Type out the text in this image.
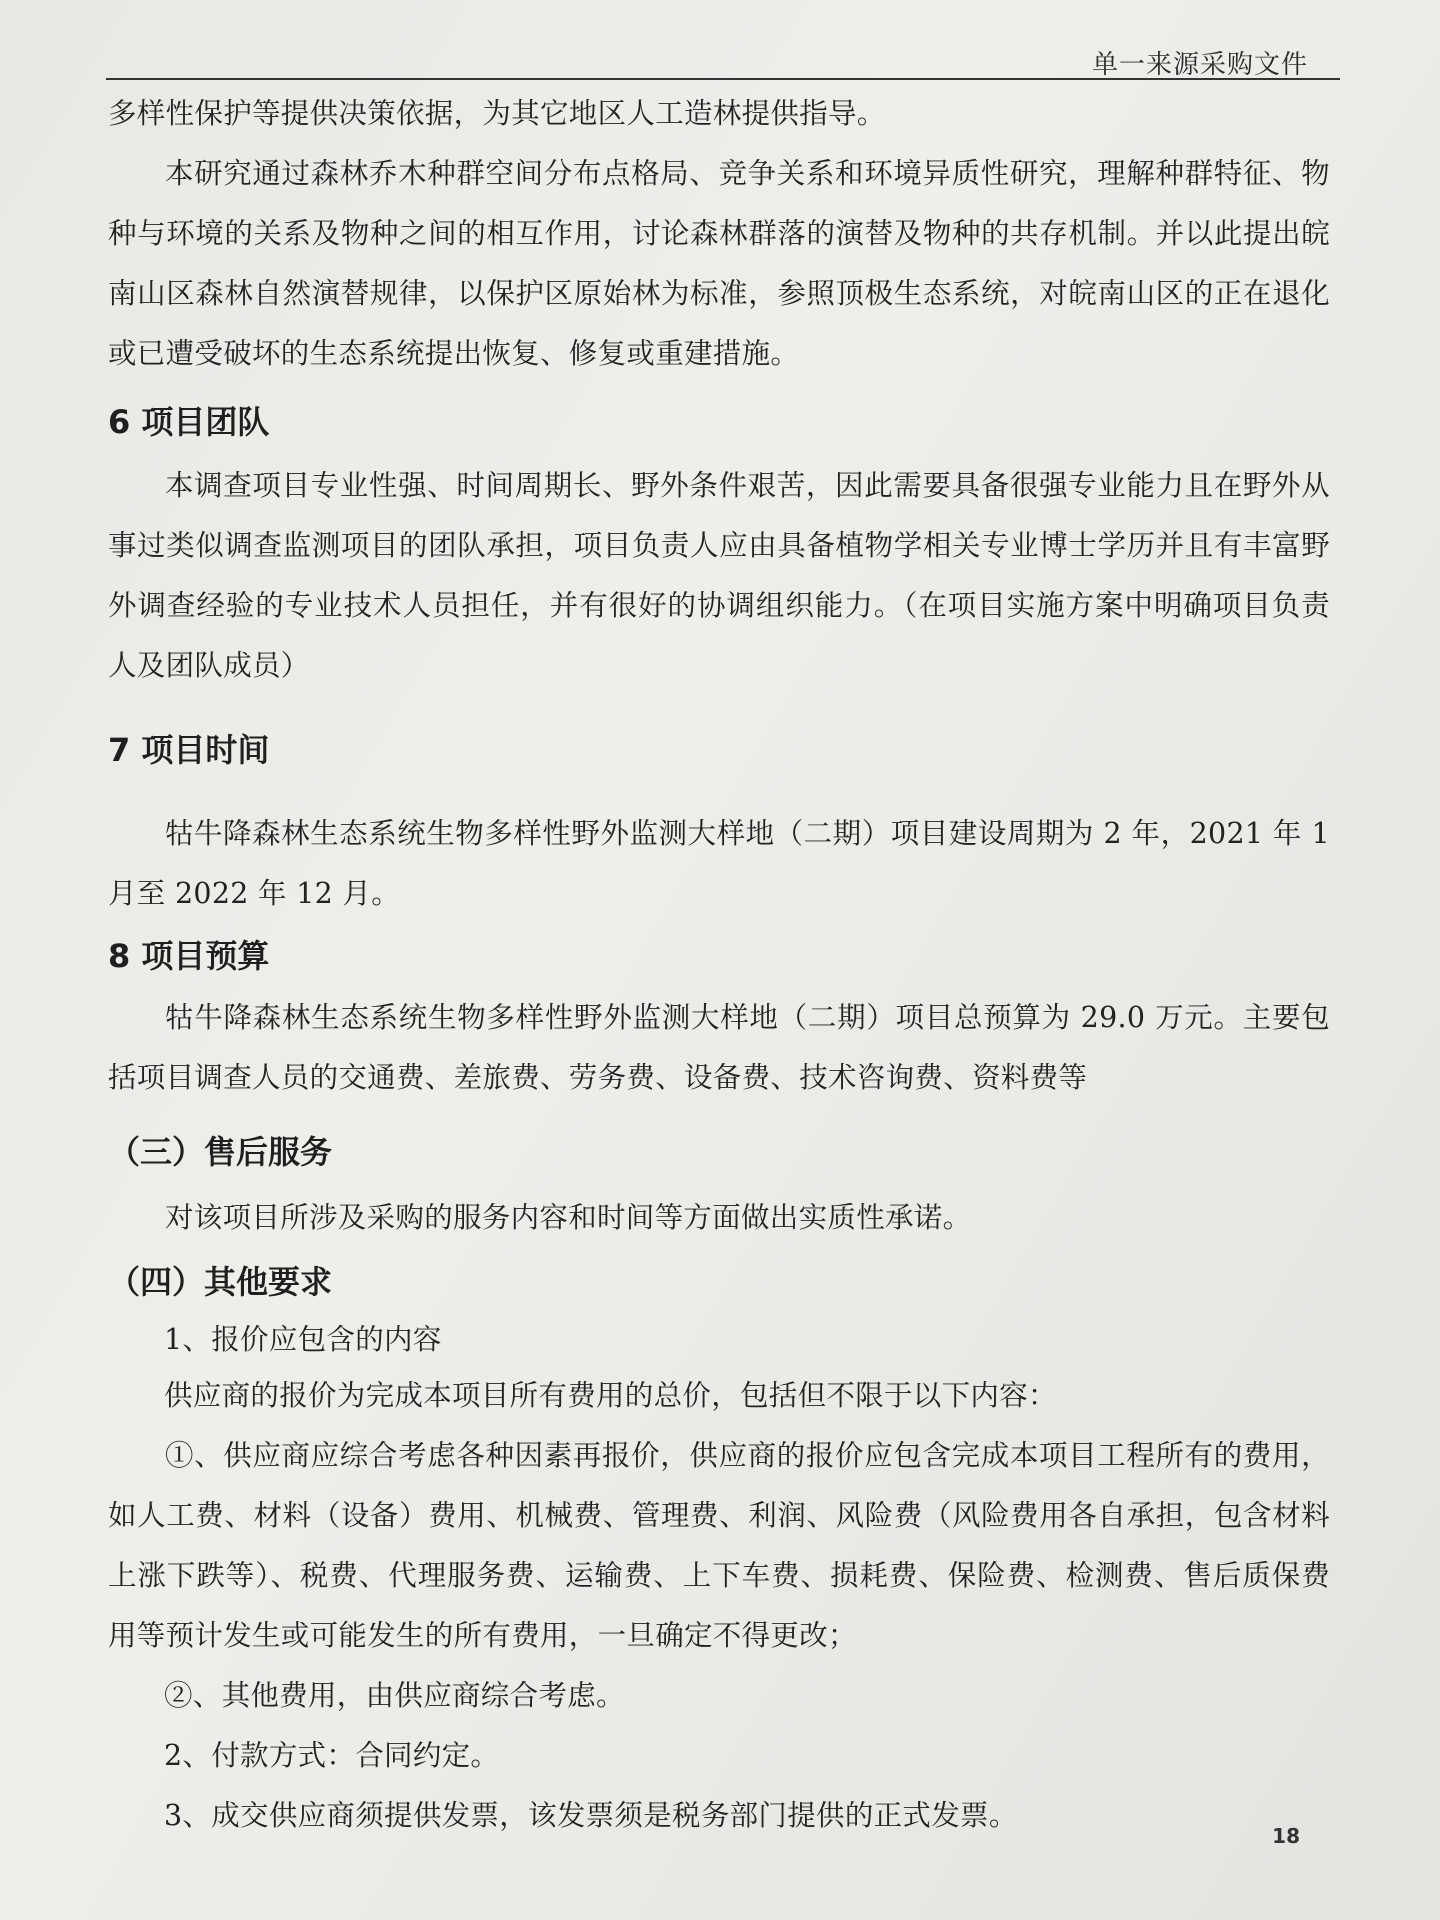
单一来源采购文件

多样性保护等提供决策依据，为其它地区人工造林提供指导。

本研究通过森林乔木种群空间分布点格局、竞争关系和环境异质性研究，理解种群特征、物种与环境的关系及物种之间的相互作用，讨论森林群落的演替及物种的共存机制。并以此提出皖南山区森林自然演替规律，以保护区原始林为标准，参照顶极生态系统，对皖南山区的正在退化或已遭受破坏的生态系统提出恢复、修复或重建措施。

6 项目团队

本调查项目专业性强、时间周期长、野外条件艰苦，因此需要具备很强专业能力且在野外从事过类似调查监测项目的团队承担，项目负责人应由具备植物学相关专业博士学历并且有丰富野外调查经验的专业技术人员担任，并有很好的协调组织能力。（在项目实施方案中明确项目负责人及团队成员）

7 项目时间

牯牛降森林生态系统生物多样性野外监测大样地（二期）项目建设周期为 2 年，2021 年 1 月至 2022 年 12 月。

8 项目预算

牯牛降森林生态系统生物多样性野外监测大样地（二期）项目总预算为 29.0 万元。主要包括项目调查人员的交通费、差旅费、劳务费、设备费、技术咨询费、资料费等

（三）售后服务

对该项目所涉及采购的服务内容和时间等方面做出实质性承诺。

（四）其他要求

1、报价应包含的内容

供应商的报价为完成本项目所有费用的总价，包括但不限于以下内容：

①、供应商应综合考虑各种因素再报价，供应商的报价应包含完成本项目工程所有的费用，如人工费、材料（设备）费用、机械费、管理费、利润、风险费（风险费用各自承担，包含材料上涨下跌等）、税费、代理服务费、运输费、上下车费、损耗费、保险费、检测费、售后质保费用等预计发生或可能发生的所有费用，一旦确定不得更改；

②、其他费用，由供应商综合考虑。

2、付款方式：合同约定。

3、成交供应商须提供发票，该发票须是税务部门提供的正式发票。

18
